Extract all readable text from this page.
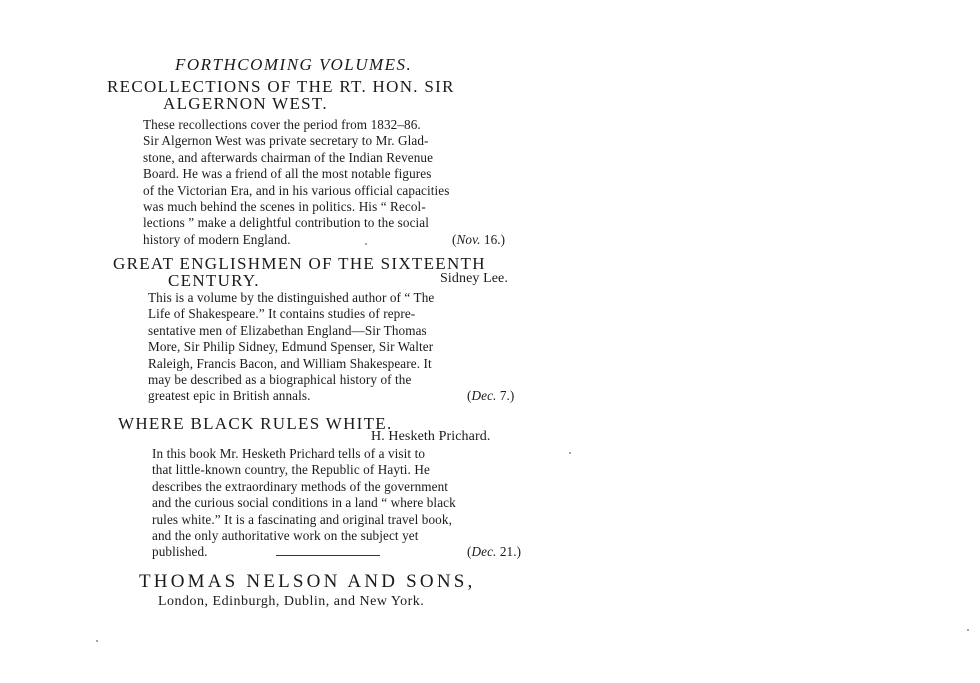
FORTHCOMING VOLUMES.
RECOLLECTIONS OF THE RT. HON. SIR
ALGERNON WEST.
These recollections cover the period from 1832–86.
Sir Algernon West was private secretary to Mr. Glad-
stone, and afterwards chairman of the Indian Revenue
Board. He was a friend of all the most notable figures
of the Victorian Era, and in his various official capacities
was much behind the scenes in politics. His “ Recol-
lections ” make a delightful contribution to the social
history of modern England.	(Nov. 16.)
GREAT ENGLISHMEN OF THE SIXTEENTH
CENTURY.	Sidney Lee.
This is a volume by the distinguished author of “ The
Life of Shakespeare.” It contains studies of repre-
sentative men of Elizabethan England—Sir Thomas
More, Sir Philip Sidney, Edmund Spenser, Sir Walter
Raleigh, Francis Bacon, and William Shakespeare. It
may be described as a biographical history of the
greatest epic in British annals.	(Dec. 7.)
WHERE BLACK RULES WHITE.
H. Hesketh Prichard.
In this book Mr. Hesketh Prichard tells of a visit to
that little-known country, the Republic of Hayti. He
describes the extraordinary methods of the government
and the curious social conditions in a land “ where black
rules white.” It is a fascinating and original travel book,
and the only authoritative work on the subject yet
published.	(Dec. 21.)
THOMAS NELSON AND SONS,
London, Edinburgh, Dublin, and New York.
